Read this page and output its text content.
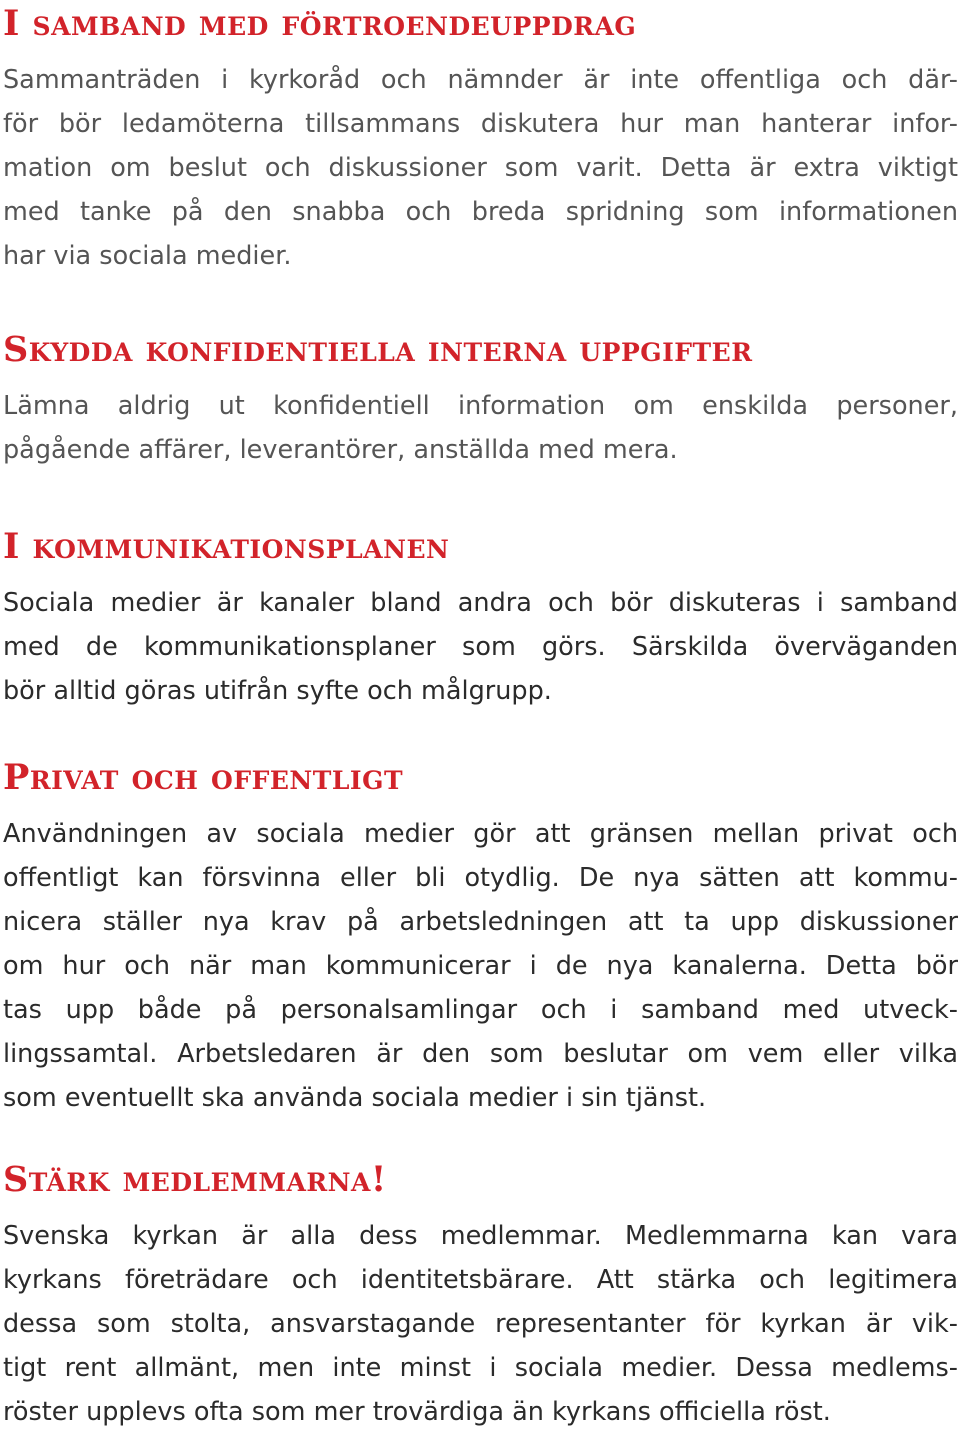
I samband med förtroendeuppdrag

Sammanträden i kyrkoråd och nämnder är inte offentliga och där-
för bör ledamöterna tillsammans diskutera hur man hanterar infor-
mation om beslut och diskussioner som varit. Detta är extra viktigt
med tanke på den snabba och breda spridning som informationen
har via sociala medier.

Skydda konfidentiella interna uppgifter

Lämna aldrig ut konfidentiell information om enskilda personer,
pågående affärer, leverantörer, anställda med mera.

I kommunikationsplanen

Sociala medier är kanaler bland andra och bör diskuteras i samband
med de kommunikationsplaner som görs. Särskilda överväganden
bör alltid göras utifrån syfte och målgrupp.

Privat och offentligt

Användningen av sociala medier gör att gränsen mellan privat och
offentligt kan försvinna eller bli otydlig. De nya sätten att kommu-
nicera ställer nya krav på arbetsledningen att ta upp diskussioner
om hur och när man kommunicerar i de nya kanalerna. Detta bör
tas upp både på personalsamlingar och i samband med utveck-
lingssamtal. Arbetsledaren är den som beslutar om vem eller vilka
som eventuellt ska använda sociala medier i sin tjänst.

Stärk medlemmarna!

Svenska kyrkan är alla dess medlemmar. Medlemmarna kan vara
kyrkans företrädare och identitetsbärare. Att stärka och legitimera
dessa som stolta, ansvarstagande representanter för kyrkan är vik-
tigt rent allmänt, men inte minst i sociala medier. Dessa medlems-
röster upplevs ofta som mer trovärdiga än kyrkans officiella röst.
